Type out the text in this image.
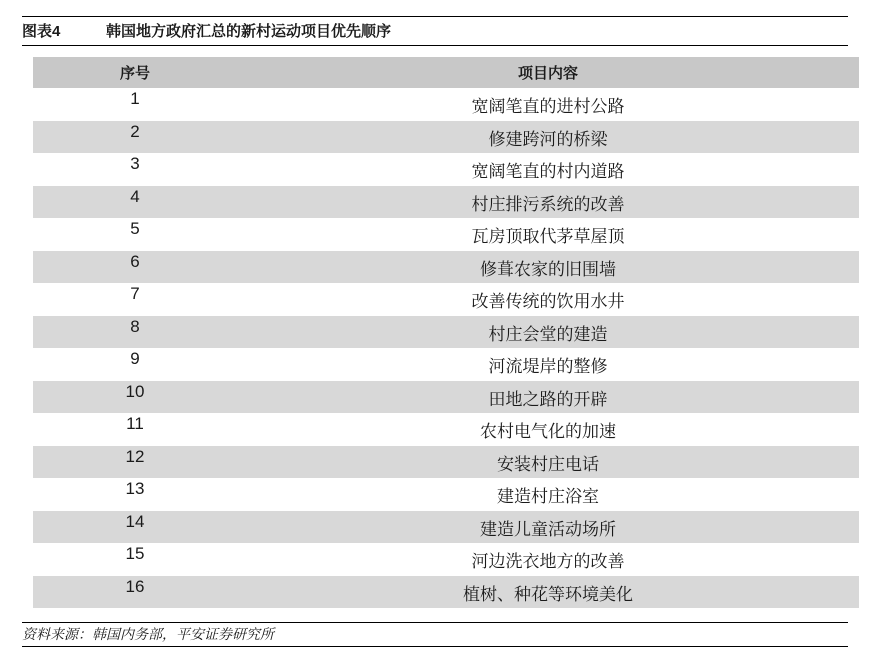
图表4	韩国地方政府汇总的新村运动项目优先顺序
序号	项目内容
1	宽阔笔直的进村公路
2	修建跨河的桥梁
3	宽阔笔直的村内道路
4	村庄排污系统的改善
5	瓦房顶取代茅草屋顶
6	修葺农家的旧围墙
7	改善传统的饮用水井
8	村庄会堂的建造
9	河流堤岸的整修
10	田地之路的开辟
11	农村电气化的加速
12	安装村庄电话
13	建造村庄浴室
14	建造儿童活动场所
15	河边洗衣地方的改善
16	植树、种花等环境美化
资料来源：韩国内务部，平安证券研究所
